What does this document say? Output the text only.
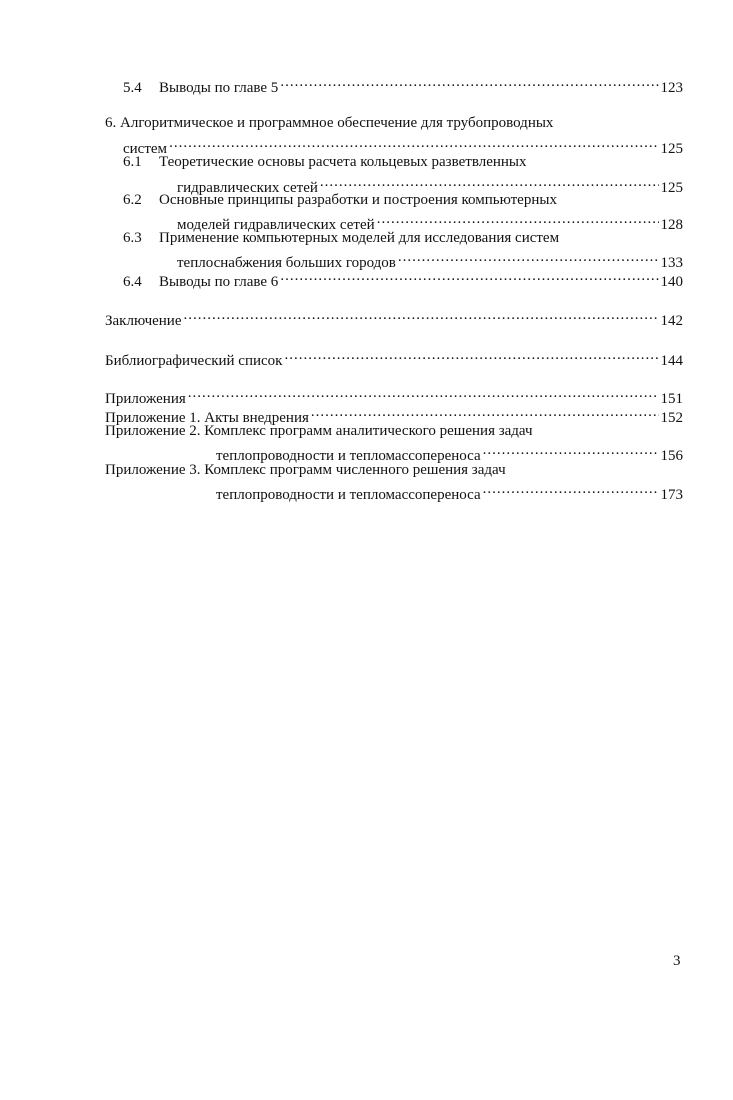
5.4	Выводы по главе 5 .....	123
6. Алгоритмическое и программное обеспечение для трубопроводных
систем .....	125
6.1	Теоретические основы расчета кольцевых разветвленных
гидравлических сетей .....	125
6.2	Основные принципы разработки и построения компьютерных
моделей гидравлических сетей .....	128
6.3	Применение компьютерных моделей для исследования систем
теплоснабжения больших городов .....	133
6.4	Выводы по главе 6 .....	140
Заключение .....	142
Библиографический список .....	144
Приложения .....	151
Приложение 1. Акты внедрения .....	152
Приложение 2. Комплекс программ аналитического решения задач
теплопроводности и тепломассопереноса .....	156
Приложение 3. Комплекс программ численного решения задач
теплопроводности и тепломассопереноса .....	173
3
